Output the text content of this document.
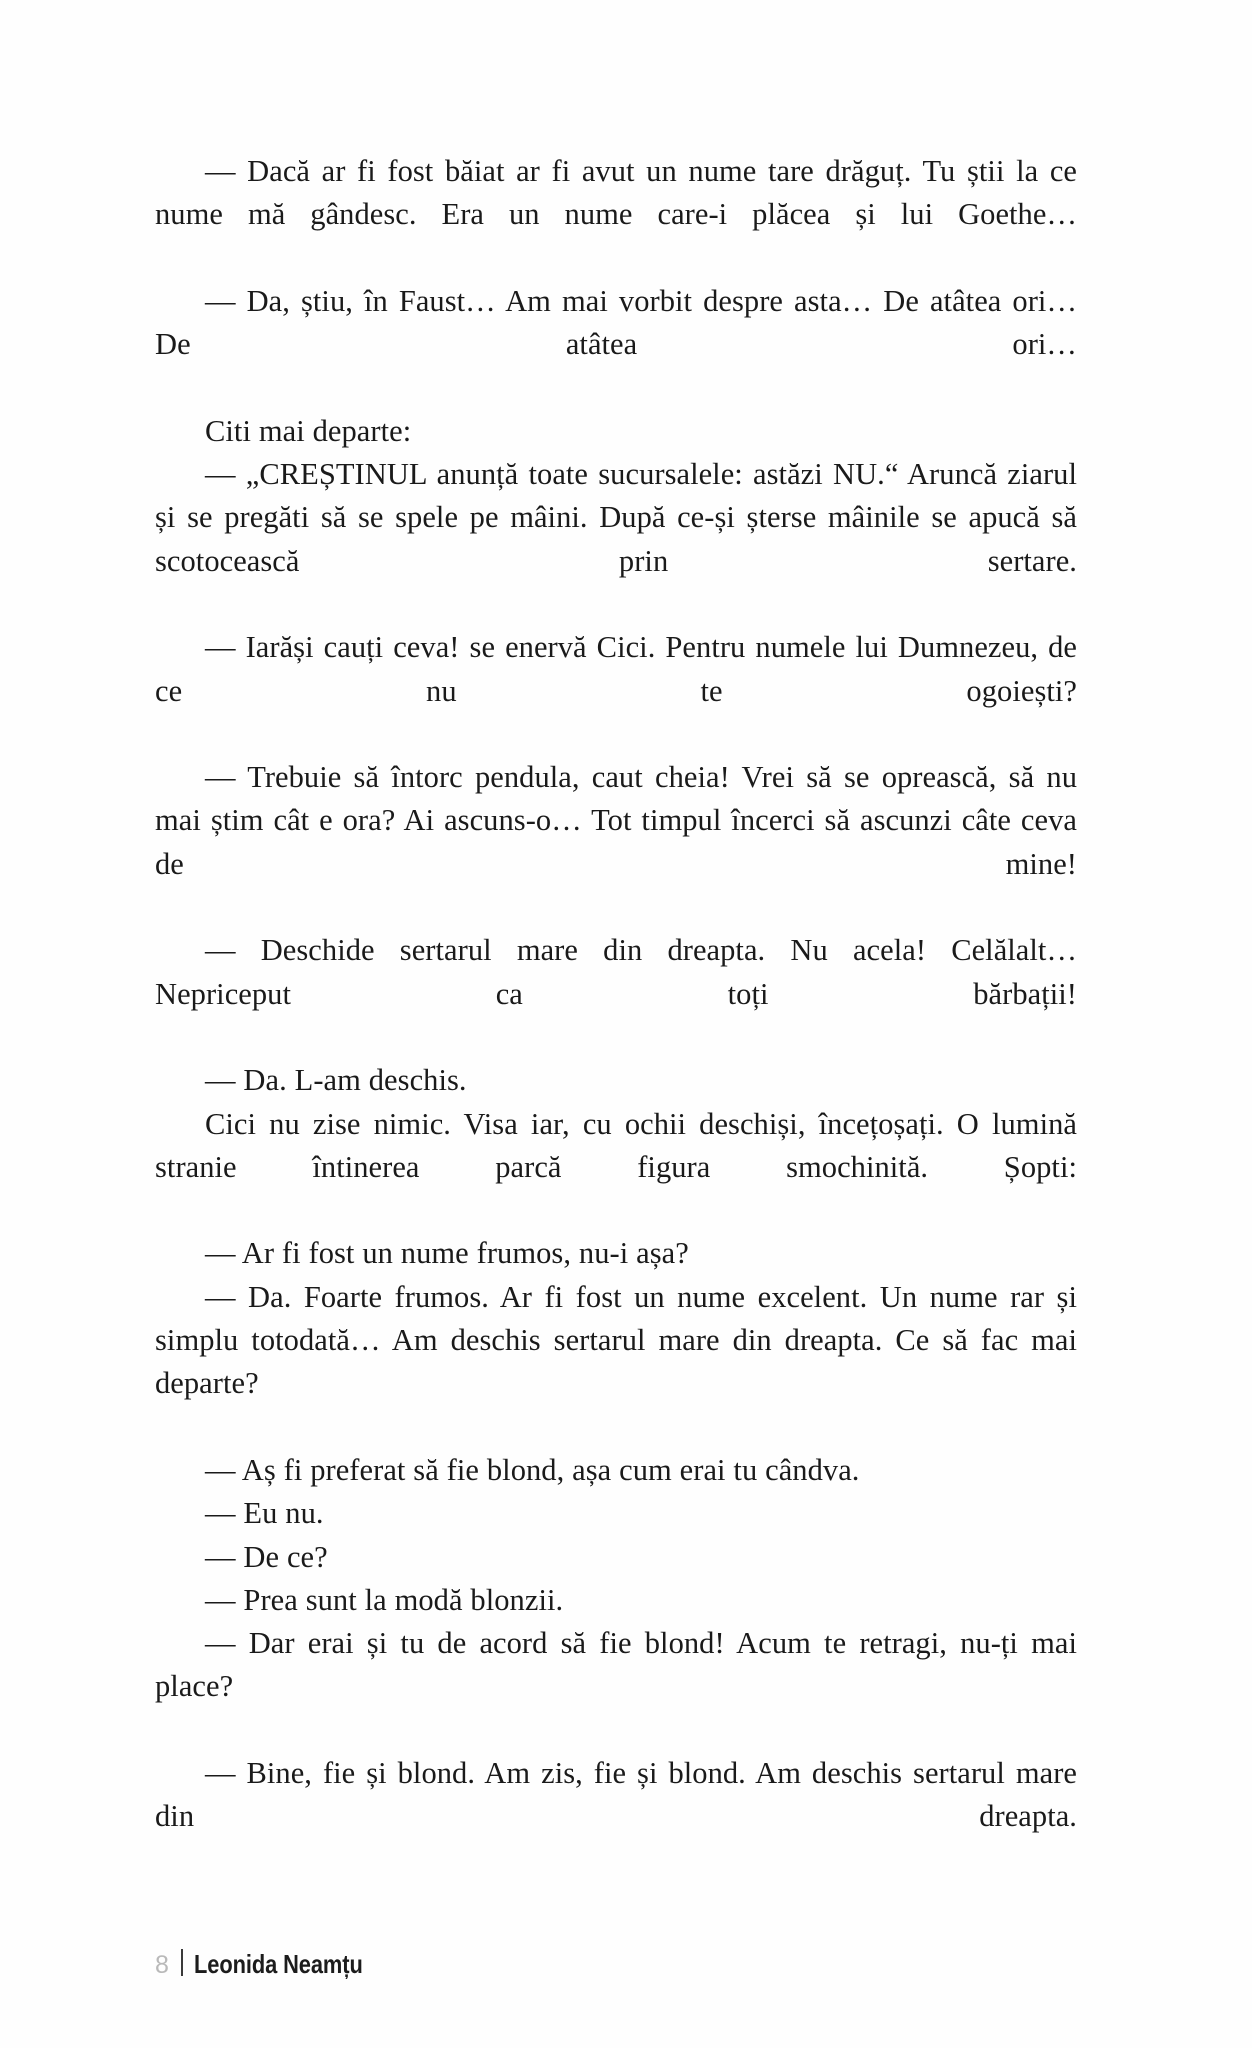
— Dacă ar fi fost băiat ar fi avut un nume tare drăguț. Tu știi la ce nume mă gândesc. Era un nume care-i plăcea și lui Goethe…

— Da, știu, în Faust… Am mai vorbit despre asta… De atâtea ori… De atâtea ori…

Citi mai departe:

— „CREȘTINUL anunță toate sucursalele: astăzi NU.“ Aruncă ziarul și se pregăti să se spele pe mâini. După ce-și șterse mâinile se apucă să scotocească prin sertare.

— Iarăși cauți ceva! se enervă Cici. Pentru numele lui Dumnezeu, de ce nu te ogoiești?

— Trebuie să întorc pendula, caut cheia! Vrei să se oprească, să nu mai știm cât e ora? Ai ascuns-o… Tot timpul încerci să ascunzi câte ceva de mine!

— Deschide sertarul mare din dreapta. Nu acela! Celălalt… Nepriceput ca toți bărbații!

— Da. L-am deschis.

Cici nu zise nimic. Visa iar, cu ochii deschiși, încețoșați. O lumină stranie întinerea parcă figura smochinită. Șopti:

— Ar fi fost un nume frumos, nu-i așa?

— Da. Foarte frumos. Ar fi fost un nume excelent. Un nume rar și simplu totodată… Am deschis sertarul mare din dreapta. Ce să fac mai departe?

— Aș fi preferat să fie blond, așa cum erai tu cândva.

— Eu nu.

— De ce?

— Prea sunt la modă blonzii.

— Dar erai și tu de acord să fie blond! Acum te retragi, nu-ți mai place?

— Bine, fie și blond. Am zis, fie și blond. Am deschis sertarul mare din dreapta.

8 Leonida Neamțu
